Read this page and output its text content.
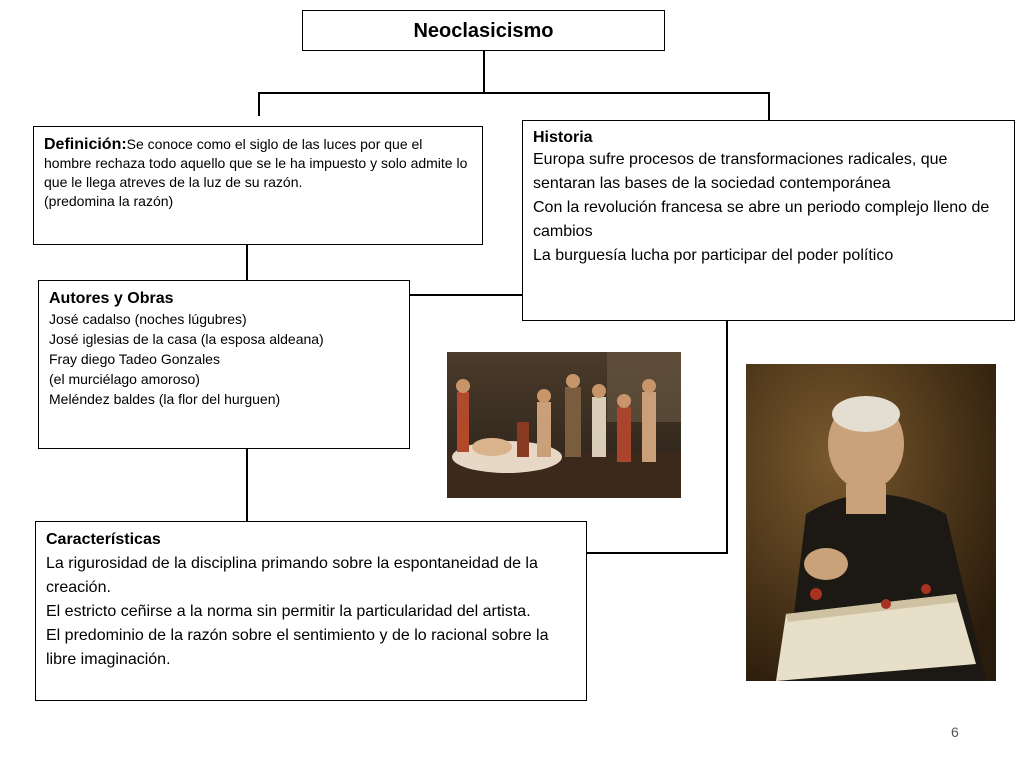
Neoclasicismo
Definición:Se conoce como el siglo de las luces por que el hombre rechaza todo aquello que se le ha impuesto y solo admite lo que le llega atreves de la luz de su razón.
(predomina la razón)
Historia
Europa sufre procesos de transformaciones radicales, que sentaran las bases de la sociedad contemporánea
Con la revolución francesa se abre un periodo complejo lleno de cambios
La burguesía lucha por participar del poder político
Autores y Obras
José cadalso (noches lúgubres)
José iglesias de la casa (la esposa aldeana)
Fray diego Tadeo Gonzales
(el murciélago amoroso)
Meléndez baldes (la flor del hurguen)
Características
La rigurosidad de la disciplina primando sobre la espontaneidad de la creación.
El estricto ceñirse a la norma sin permitir la particularidad del artista.
El predominio de la razón sobre el sentimiento y de lo racional sobre la libre imaginación.
6
